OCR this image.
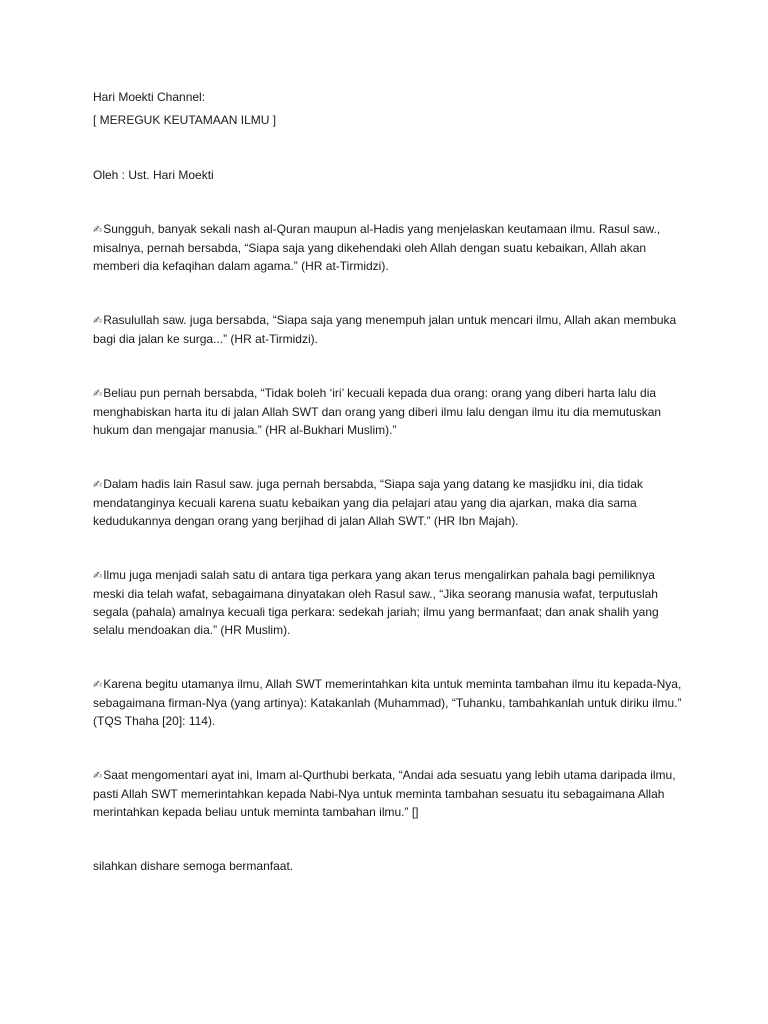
Hari Moekti Channel:

[ MEREGUK KEUTAMAAN ILMU ]

Oleh : Ust. Hari Moekti

✍Sungguh, banyak sekali nash al-Quran maupun al-Hadis yang menjelaskan keutamaan ilmu. Rasul saw., misalnya, pernah bersabda, “Siapa saja yang dikehendaki oleh Allah dengan suatu kebaikan, Allah akan memberi dia kefaqihan dalam agama.” (HR at-Tirmidzi).

✍Rasulullah saw. juga bersabda, “Siapa saja yang menempuh jalan untuk mencari ilmu, Allah akan membuka bagi dia jalan ke surga...” (HR at-Tirmidzi).

✍Beliau pun pernah bersabda, “Tidak boleh ‘iri’ kecuali kepada dua orang: orang yang diberi harta lalu dia menghabiskan harta itu di jalan Allah SWT dan orang yang diberi ilmu lalu dengan ilmu itu dia memutuskan hukum dan mengajar manusia.” (HR al-Bukhari Muslim).”

✍Dalam hadis lain Rasul saw. juga pernah bersabda, “Siapa saja yang datang ke masjidku ini, dia tidak mendatanginya kecuali karena suatu kebaikan yang dia pelajari atau yang dia ajarkan, maka dia sama kedudukannya dengan orang yang berjihad di jalan Allah SWT.” (HR Ibn Majah).

✍Ilmu juga menjadi salah satu di antara tiga perkara yang akan terus mengalirkan pahala bagi pemiliknya meski dia telah wafat, sebagaimana dinyatakan oleh Rasul saw., “Jika seorang manusia wafat, terputuslah segala (pahala) amalnya kecuali tiga perkara: sedekah jariah; ilmu yang bermanfaat; dan anak shalih yang selalu mendoakan dia.” (HR Muslim).

✍Karena begitu utamanya ilmu, Allah SWT memerintahkan kita untuk meminta tambahan ilmu itu kepada-Nya, sebagaimana firman-Nya (yang artinya): Katakanlah (Muhammad), “Tuhanku, tambahkanlah untuk diriku ilmu.” (TQS Thaha [20]: 114).

✍Saat mengomentari ayat ini, Imam al-Qurthubi berkata, “Andai ada sesuatu yang lebih utama daripada ilmu, pasti Allah SWT memerintahkan kepada Nabi-Nya untuk meminta tambahan sesuatu itu sebagaimana Allah merintahkan kepada beliau untuk meminta tambahan ilmu.” []

silahkan dishare semoga bermanfaat.
